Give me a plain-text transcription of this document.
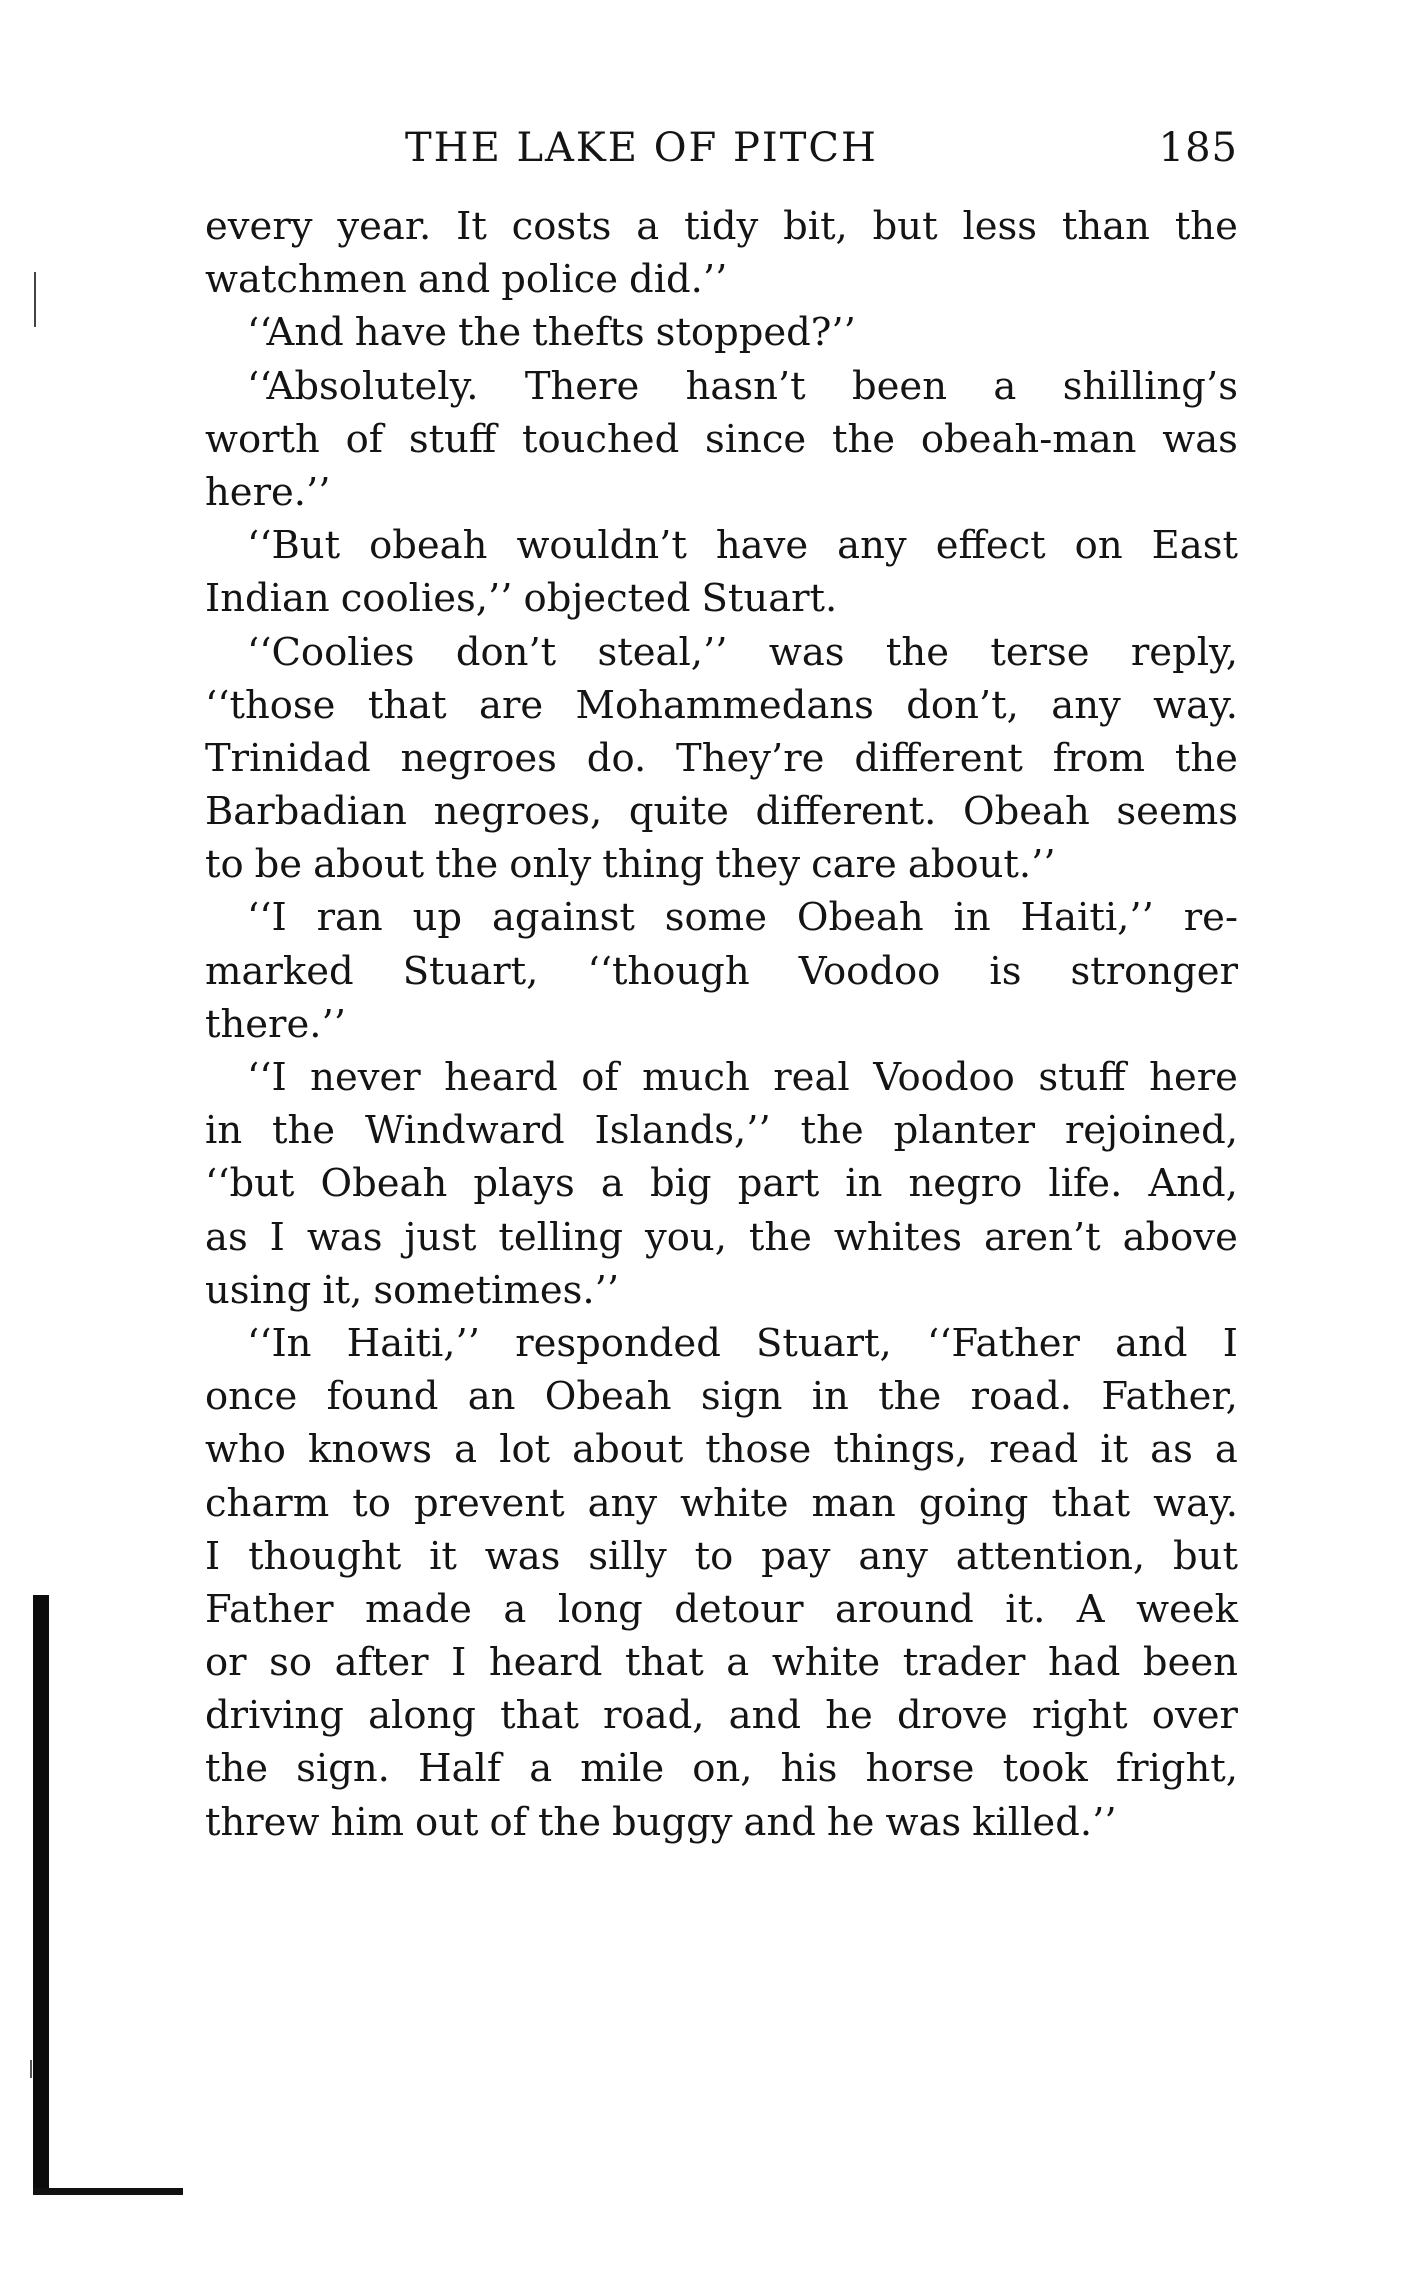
THE LAKE OF PITCH	185
every year. It costs a tidy bit, but less than the
watchmen and police did.’’
‘‘And have the thefts stopped?’’
‘‘Absolutely. There hasn’t been a shilling’s
worth of stuff touched since the obeah-man was
here.’’
‘‘But obeah wouldn’t have any effect on East
Indian coolies,’’ objected Stuart.
‘‘Coolies don’t steal,’’ was the terse reply,
‘‘those that are Mohammedans don’t, any way.
Trinidad negroes do. They’re different from the
Barbadian negroes, quite different. Obeah seems
to be about the only thing they care about.’’
‘‘I ran up against some Obeah in Haiti,’’ re-
marked Stuart, ‘‘though Voodoo is stronger
there.’’
‘‘I never heard of much real Voodoo stuff here
in the Windward Islands,’’ the planter rejoined,
‘‘but Obeah plays a big part in negro life. And,
as I was just telling you, the whites aren’t above
using it, sometimes.’’
‘‘In Haiti,’’ responded Stuart, ‘‘Father and I
once found an Obeah sign in the road. Father,
who knows a lot about those things, read it as a
charm to prevent any white man going that way.
I thought it was silly to pay any attention, but
Father made a long detour around it. A week
or so after I heard that a white trader had been
driving along that road, and he drove right over
the sign. Half a mile on, his horse took fright,
threw him out of the buggy and he was killed.’’
